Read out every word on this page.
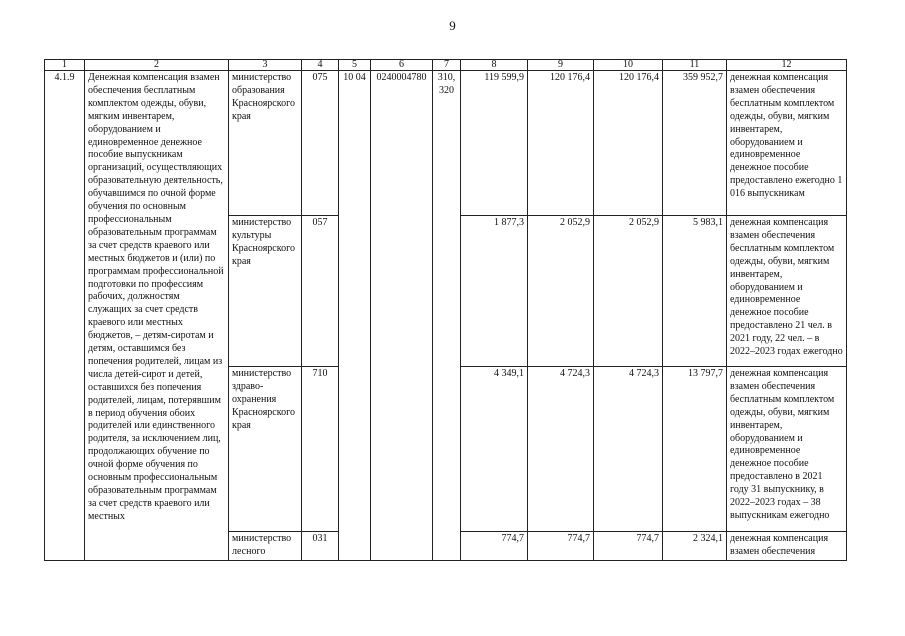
9
1	2	3	4	5	6	7	8	9	10	11	12
4.1.9	Денежная компенсация взамен обеспечения бесплатным комплектом одежды, обуви, мягким инвентарем, оборудованием и единовременное денежное пособие выпускникам организаций, осуществляющих образовательную деятельность, обучавшимся по очной форме обучения по основным профессиональным образовательным программам за счет средств краевого или местных бюджетов и (или) по программам профессиональной подготовки по профессиям рабочих, должностям служащих за счет средств краевого или местных бюджетов, – детям-сиротам и детям, оставшимся без попечения родителей, лицам из числа детей-сирот и детей, оставшихся без попечения родителей, лицам, потерявшим в период обучения обоих родителей или единственного родителя, за исключением лиц, продолжающих обучение по очной форме обучения по основным профессиональным образовательным программам за счет средств краевого или местных	министерство образования Красноярского края	075	10 04	0240004780	310, 320	119 599,9	120 176,4	120 176,4	359 952,7	денежная компенсация взамен обеспечения бесплатным комплектом одежды, обуви, мягким инвентарем, оборудованием и единовременное денежное пособие предоставлено ежегодно 1 016 выпускникам
		министерство культуры Красноярского края	057				1 877,3	2 052,9	2 052,9	5 983,1	денежная компенсация взамен обеспечения бесплатным комплектом одежды, обуви, мягким инвентарем, оборудованием и единовременное денежное пособие предоставлено 21 чел. в 2021 году, 22 чел. – в 2022–2023 годах ежегодно
		министерство здраво-охранения Красноярского края	710				4 349,1	4 724,3	4 724,3	13 797,7	денежная компенсация взамен обеспечения бесплатным комплектом одежды, обуви, мягким инвентарем, оборудованием и единовременное денежное пособие предоставлено в 2021 году 31 выпускнику, в 2022–2023 годах – 38 выпускникам ежегодно
		министерство лесного	031				774,7	774,7	774,7	2 324,1	денежная компенсация взамен обеспечения
